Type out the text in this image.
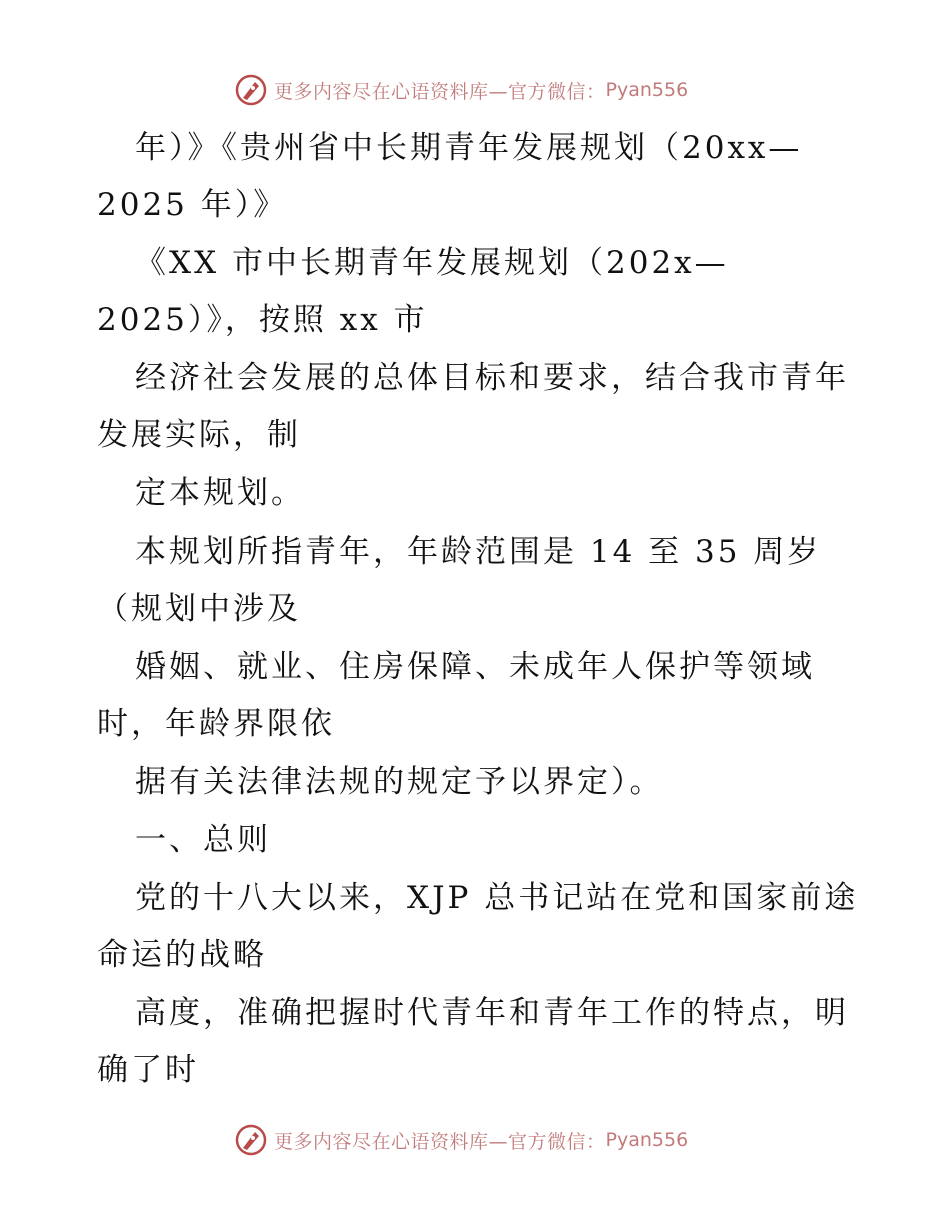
更多内容尽在心语资料库—官方微信： Pyan556
年）》《贵州省中长期青年发展规划（20xx—
2025 年）》
《XX 市中长期青年发展规划（202x—
2025）》，按照 xx 市
经济社会发展的总体目标和要求，结合我市青年
发展实际，制
定本规划。
本规划所指青年，年龄范围是 14 至 35 周岁
（规划中涉及
婚姻、就业、住房保障、未成年人保护等领域
时，年龄界限依
据有关法律法规的规定予以界定）。
一、总则
党的十八大以来，XJP 总书记站在党和国家前途
命运的战略
高度，准确把握时代青年和青年工作的特点，明
确了时
更多内容尽在心语资料库—官方微信： Pyan556
